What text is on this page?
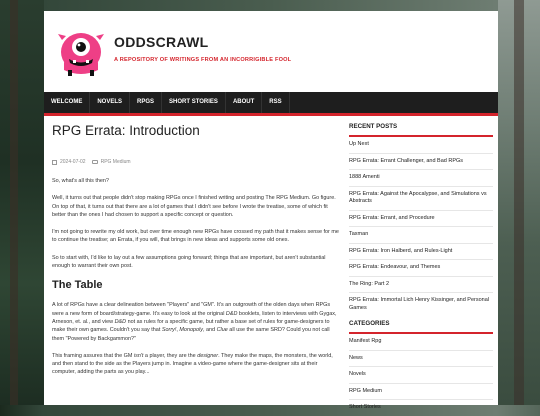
ODDSCRAWL
A REPOSITORY OF WRITINGS FROM AN INCORRIGIBLE FOOL
WELCOME	NOVELS	RPGS	SHORT STORIES	ABOUT	RSS
RPG Errata: Introduction
2024-07-02	RPG Medium

So, what's all this then?

Well, it turns out that people didn't stop making RPGs once I finished writing and posting The RPG Medium. Go figure. On top of that, it turns out that there are a lot of games that I didn't see before I wrote the treatise, some of which fit better than the ones I had chosen to support a specific concept or question.

I'm not going to rewrite my old work, but over time enough new RPGs have crossed my path that it makes sense for me to continue the treatise; an Errata, if you will, that brings in new ideas and supports some old ones.

So to start with, I'd like to lay out a few assumptions going forward; things that are important, but aren't substantial enough to warrant their own post.

The Table

A lot of RPGs have a clear delineation between "Players" and "GM". It's an outgrowth of the olden days when RPGs were a new form of board/strategy-game. It's easy to look at the original D&D booklets, listen to interviews with Gygax, Arneson, et. al., and view D&D not as rules for a specific game, but rather a base set of rules for game-designers to make their own games. Couldn't you say that Sorry!, Monopoly, and Clue all use the same SRD? Could you not call them "Powered by Backgammon?"

This framing assures that the GM isn't a player, they are the designer. They make the maps, the monsters, the world, and then stand to the side as the Players jump in. Imagine a video-game where the game-designer sits at their computer, adding the parts as you play...

RECENT POSTS
Up Next
RPG Errata: Errant Challenger, and Bad RPGs
1888 Amenti
RPG Errata: Against the Apocalypse, and Simulations vs Abstracts
RPG Errata: Errant, and Procedure
Taxman
RPG Errata: Iron Halberd, and Rules-Light
RPG Errata: Endeavour, and Themes
The Ring: Part 2
RPG Errata: Immortal Lich Henry Kissinger, and Personal Games
CATEGORIES
Manifest Rpg
News
Novels
RPG Medium
Short Stories
